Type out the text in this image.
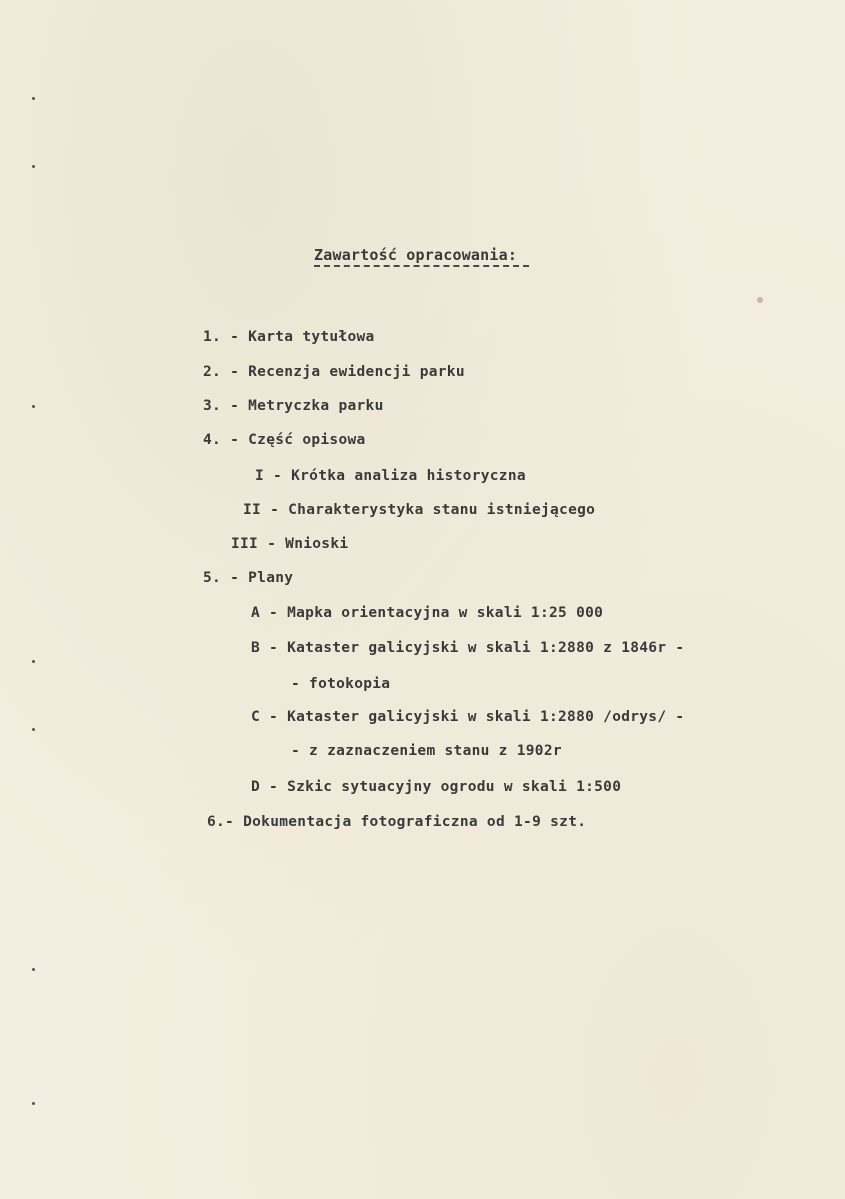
Zawartość opracowania:
1. - Karta tytułowa
2. - Recenzja ewidencji parku
3. - Metryczka parku
4. - Część opisowa
I - Krótka analiza historyczna
II - Charakterystyka stanu istniejącego
III - Wnioski
5. - Plany
A - Mapka orientacyjna w skali 1:25 000
B - Kataster galicyjski w skali 1:2880 z 1846r -
- fotokopia
C - Kataster galicyjski w skali 1:2880 /odrys/ -
- z zaznaczeniem stanu z 1902r
D - Szkic sytuacyjny ogrodu w skali 1:500
6.- Dokumentacja fotograficzna od 1-9 szt.
